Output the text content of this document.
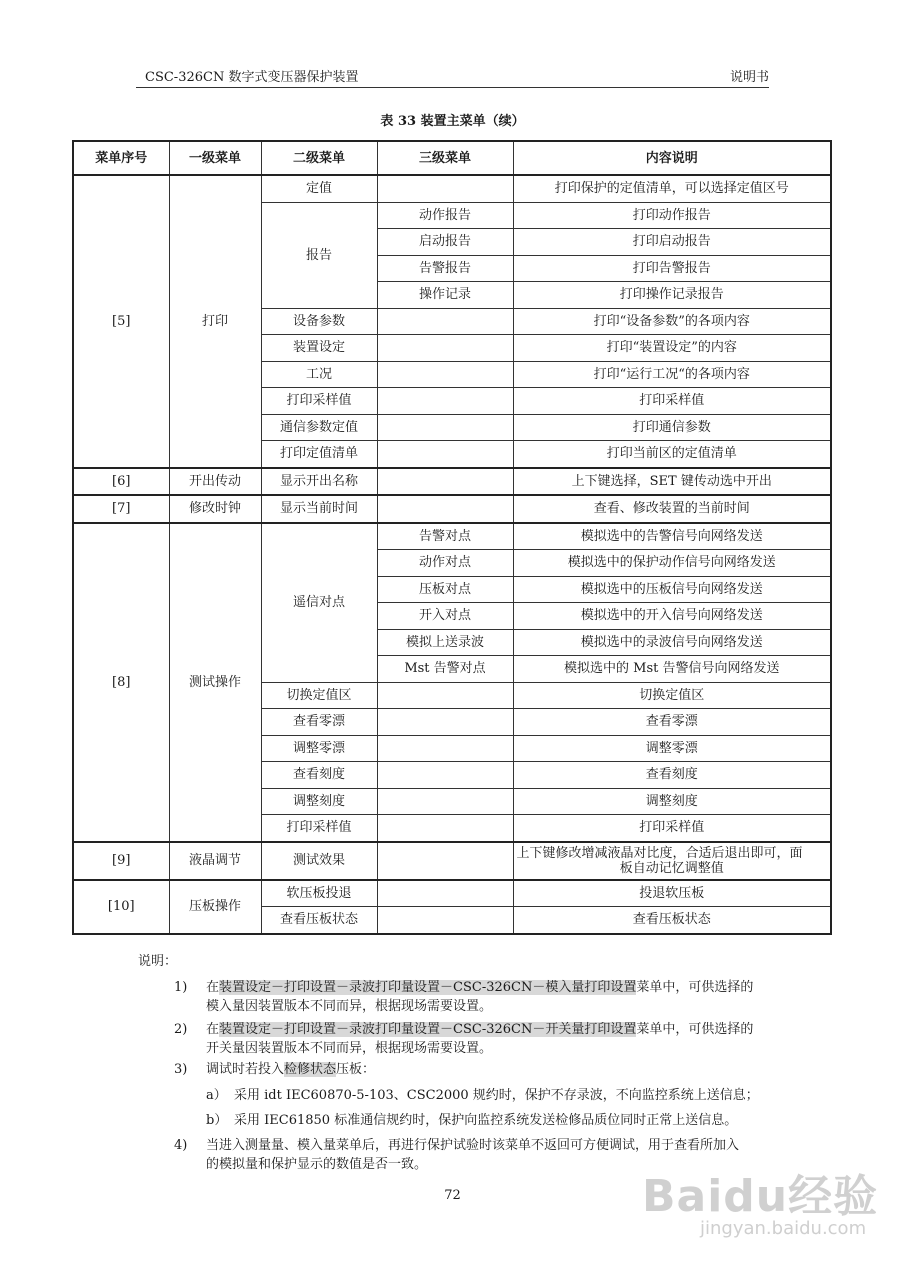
CSC-326CN 数字式变压器保护装置	说明书
表 33 装置主菜单（续）
菜单序号	一级菜单	二级菜单	三级菜单	内容说明
[5]	打印	定值		打印保护的定值清单，可以选择定值区号
		报告	动作报告	打印动作报告
			启动报告	打印启动报告
			告警报告	打印告警报告
			操作记录	打印操作记录报告
		设备参数		打印“设备参数”的各项内容
		装置设定		打印“装置设定”的内容
		工况		打印“运行工况“的各项内容
		打印采样值		打印采样值
		通信参数定值		打印通信参数
		打印定值清单		打印当前区的定值清单
[6]	开出传动	显示开出名称		上下键选择，SET 键传动选中开出
[7]	修改时钟	显示当前时间		查看、修改装置的当前时间
[8]	测试操作	遥信对点	告警对点	模拟选中的告警信号向网络发送
			动作对点	模拟选中的保护动作信号向网络发送
			压板对点	模拟选中的压板信号向网络发送
			开入对点	模拟选中的开入信号向网络发送
			模拟上送录波	模拟选中的录波信号向网络发送
			Mst 告警对点	模拟选中的 Mst 告警信号向网络发送
		切换定值区		切换定值区
		查看零漂		查看零漂
		调整零漂		调整零漂
		查看刻度		查看刻度
		调整刻度		调整刻度
		打印采样值		打印采样值
[9]	液晶调节	测试效果		上下键修改增减液晶对比度，合适后退出即可，面
板自动记忆调整值

[10]	压板操作	软压板投退		投退软压板
		查看压板状态		查看压板状态
说明：
1) 在装置设定－打印设置－录波打印量设置－CSC-326CN－模入量打印设置菜单中，可供选择的
模入量因装置版本不同而异，根据现场需要设置。
2) 在装置设定－打印设置－录波打印量设置－CSC-326CN－开关量打印设置菜单中，可供选择的
开关量因装置版本不同而异，根据现场需要设置。
3) 调试时若投入检修状态压板：
a） 采用 idt IEC60870-5-103、CSC2000 规约时，保护不存录波，不向监控系统上送信息；
b） 采用 IEC61850 标准通信规约时，保护向监控系统发送检修品质位同时正常上送信息。
4) 当进入测量量、模入量菜单后，再进行保护试验时该菜单不返回可方便调试，用于查看所加入
的模拟量和保护显示的数值是否一致。
72	Baidu经验
jingyan.baidu.com
